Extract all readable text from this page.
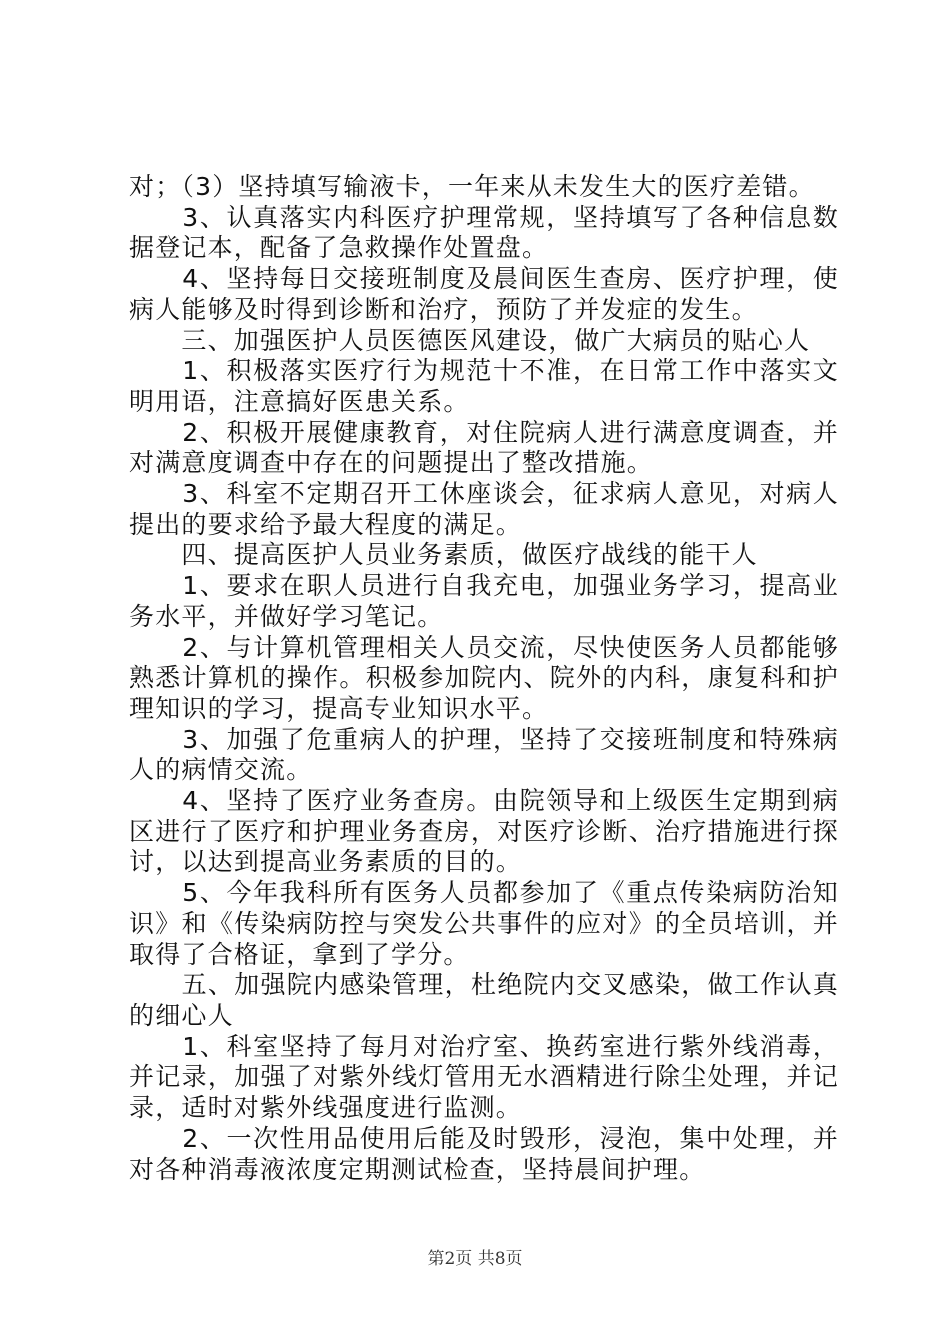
对；（3）坚持填写输液卡，一年来从未发生大的医疗差错。

　　3、认真落实内科医疗护理常规，坚持填写了各种信息数据登记本，配备了急救操作处置盘。

　　4、坚持每日交接班制度及晨间医生查房、医疗护理，使病人能够及时得到诊断和治疗，预防了并发症的发生。

　　三、加强医护人员医德医风建设，做广大病员的贴心人

　　1、积极落实医疗行为规范十不准，在日常工作中落实文明用语，注意搞好医患关系。

　　2、积极开展健康教育，对住院病人进行满意度调查，并对满意度调查中存在的问题提出了整改措施。

　　3、科室不定期召开工休座谈会，征求病人意见，对病人提出的要求给予最大程度的满足。

　　四、提高医护人员业务素质，做医疗战线的能干人

　　1、要求在职人员进行自我充电，加强业务学习，提高业务水平，并做好学习笔记。

　　2、与计算机管理相关人员交流，尽快使医务人员都能够熟悉计算机的操作。积极参加院内、院外的内科，康复科和护理知识的学习，提高专业知识水平。

　　3、加强了危重病人的护理，坚持了交接班制度和特殊病人的病情交流。

　　4、坚持了医疗业务查房。由院领导和上级医生定期到病区进行了医疗和护理业务查房，对医疗诊断、治疗措施进行探讨，以达到提高业务素质的目的。

　　5、今年我科所有医务人员都参加了《重点传染病防治知识》和《传染病防控与突发公共事件的应对》的全员培训，并取得了合格证，拿到了学分。

　　五、加强院内感染管理，杜绝院内交叉感染，做工作认真的细心人

　　1、科室坚持了每月对治疗室、换药室进行紫外线消毒，并记录，加强了对紫外线灯管用无水酒精进行除尘处理，并记录，适时对紫外线强度进行监测。

　　2、一次性用品使用后能及时毁形，浸泡，集中处理，并对各种消毒液浓度定期测试检查，坚持晨间护理。

第2页 共8页
